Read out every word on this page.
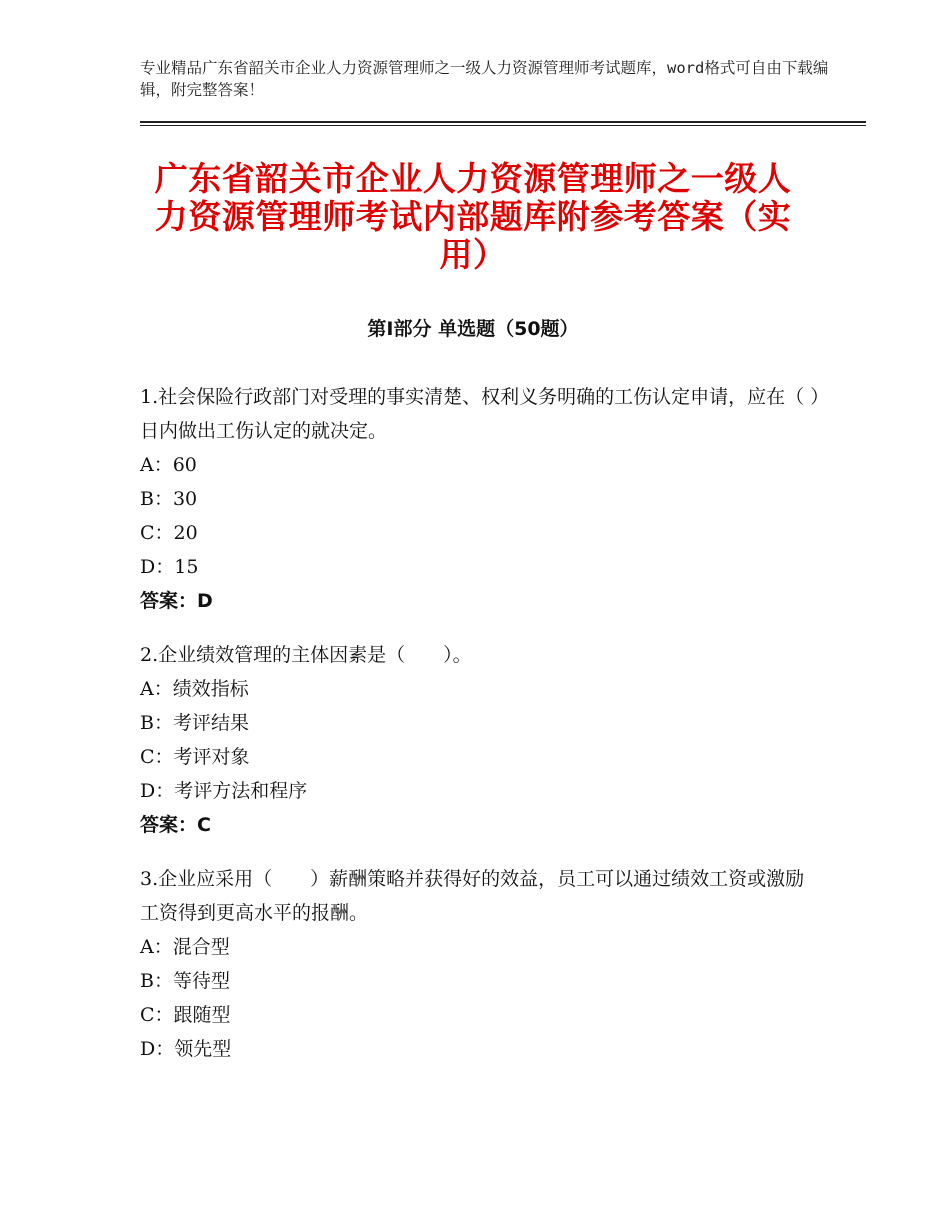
专业精品广东省韶关市企业人力资源管理师之一级人力资源管理师考试题库，word格式可自由下载编辑，附完整答案！
广东省韶关市企业人力资源管理师之一级人力资源管理师考试内部题库附参考答案（实用）
第Ⅰ部分 单选题（50题）
1.社会保险行政部门对受理的事实清楚、权利义务明确的工伤认定申请，应在（ ）日内做出工伤认定的就决定。
A：60
B：30
C：20
D：15
答案：D
2.企业绩效管理的主体因素是（　　）。
A：绩效指标
B：考评结果
C：考评对象
D：考评方法和程序
答案：C
3.企业应采用（　　）薪酬策略并获得好的效益，员工可以通过绩效工资或激励工资得到更高水平的报酬。
A：混合型
B：等待型
C：跟随型
D：领先型
